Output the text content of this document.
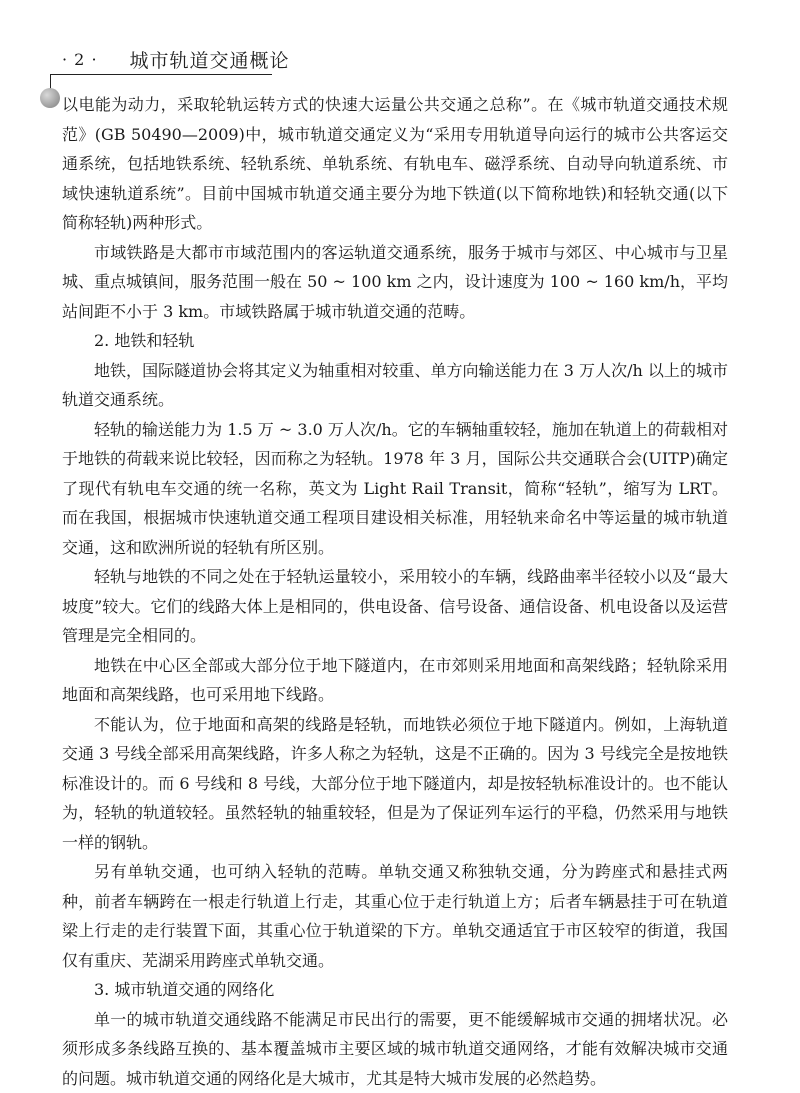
· 2 · 城市轨道交通概论

以电能为动力，采取轮轨运转方式的快速大运量公共交通之总称”。在《城市轨道交通技术规范》(GB 50490—2009)中，城市轨道交通定义为“采用专用轨道导向运行的城市公共客运交通系统，包括地铁系统、轻轨系统、单轨系统、有轨电车、磁浮系统、自动导向轨道系统、市域快速轨道系统”。目前中国城市轨道交通主要分为地下铁道(以下简称地铁)和轻轨交通(以下简称轻轨)两种形式。

市域铁路是大都市市域范围内的客运轨道交通系统，服务于城市与郊区、中心城市与卫星城、重点城镇间，服务范围一般在 50 ~ 100 km 之内，设计速度为 100 ~ 160 km/h，平均站间距不小于 3 km。市域铁路属于城市轨道交通的范畴。

2. 地铁和轻轨

地铁，国际隧道协会将其定义为轴重相对较重、单方向输送能力在 3 万人次/h 以上的城市轨道交通系统。

轻轨的输送能力为 1.5 万 ~ 3.0 万人次/h。它的车辆轴重较轻，施加在轨道上的荷载相对于地铁的荷载来说比较轻，因而称之为轻轨。1978 年 3 月，国际公共交通联合会(UITP)确定了现代有轨电车交通的统一名称，英文为 Light Rail Transit，简称“轻轨”，缩写为 LRT。而在我国，根据城市快速轨道交通工程项目建设相关标准，用轻轨来命名中等运量的城市轨道交通，这和欧洲所说的轻轨有所区别。

轻轨与地铁的不同之处在于轻轨运量较小，采用较小的车辆，线路曲率半径较小以及“最大坡度”较大。它们的线路大体上是相同的，供电设备、信号设备、通信设备、机电设备以及运营管理是完全相同的。

地铁在中心区全部或大部分位于地下隧道内，在市郊则采用地面和高架线路；轻轨除采用地面和高架线路，也可采用地下线路。

不能认为，位于地面和高架的线路是轻轨，而地铁必须位于地下隧道内。例如，上海轨道交通 3 号线全部采用高架线路，许多人称之为轻轨，这是不正确的。因为 3 号线完全是按地铁标准设计的。而 6 号线和 8 号线，大部分位于地下隧道内，却是按轻轨标准设计的。也不能认为，轻轨的轨道较轻。虽然轻轨的轴重较轻，但是为了保证列车运行的平稳，仍然采用与地铁一样的钢轨。

另有单轨交通，也可纳入轻轨的范畴。单轨交通又称独轨交通，分为跨座式和悬挂式两种，前者车辆跨在一根走行轨道上行走，其重心位于走行轨道上方；后者车辆悬挂于可在轨道梁上行走的走行装置下面，其重心位于轨道梁的下方。单轨交通适宜于市区较窄的街道，我国仅有重庆、芜湖采用跨座式单轨交通。

3. 城市轨道交通的网络化

单一的城市轨道交通线路不能满足市民出行的需要，更不能缓解城市交通的拥堵状况。必须形成多条线路互换的、基本覆盖城市主要区域的城市轨道交通网络，才能有效解决城市交通的问题。城市轨道交通的网络化是大城市，尤其是特大城市发展的必然趋势。
